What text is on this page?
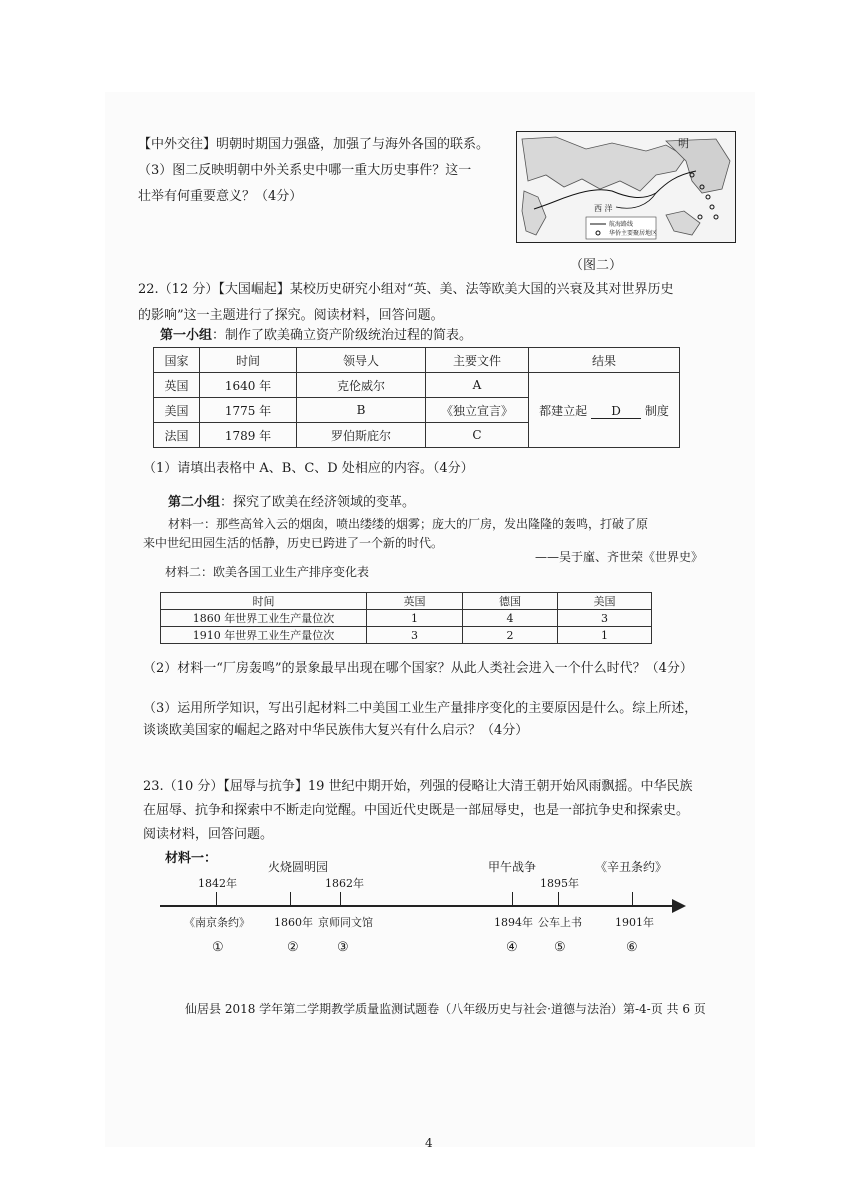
【中外交往】明朝时期国力强盛，加强了与海外各国的联系。
（3）图二反映明朝中外关系史中哪一重大历史事件？这一
壮举有何重要意义？（4分）
明
西 洋
航海路线
华侨主要聚居地区
（图二）
22.（12 分）【大国崛起】某校历史研究小组对“英、美、法等欧美大国的兴衰及其对世界历史
的影响”这一主题进行了探究。阅读材料，回答问题。
第一小组：制作了欧美确立资产阶级统治过程的简表。
国家	时间	领导人	主要文件	结果
英国	1640 年	克伦威尔	A	都建立起 D 制度
美国	1775 年	B	《独立宣言》	
法国	1789 年	罗伯斯庇尔	C	
（1）请填出表格中 A、B、C、D 处相应的内容。（4分）
第二小组：探究了欧美在经济领域的变革。
材料一：那些高耸入云的烟囱，喷出缕缕的烟雾；庞大的厂房，发出隆隆的轰鸣，打破了原
来中世纪田园生活的恬静，历史已跨进了一个新的时代。
——吴于廑、齐世荣《世界史》
材料二：欧美各国工业生产排序变化表
时间	英国	德国	美国
1860 年世界工业生产量位次	1	4	3
1910 年世界工业生产量位次	3	2	1
（2）材料一“厂房轰鸣”的景象最早出现在哪个国家？从此人类社会进入一个什么时代？（4分）
（3）运用所学知识，写出引起材料二中美国工业生产量排序变化的主要原因是什么。综上所述，
谈谈欧美国家的崛起之路对中华民族伟大复兴有什么启示？（4分）
23.（10 分）【屈辱与抗争】19 世纪中期开始，列强的侵略让大清王朝开始风雨飘摇。中华民族
在屈辱、抗争和探索中不断走向觉醒。中国近代史既是一部屈辱史，也是一部抗争史和探索史。
阅读材料，回答问题。
材料一：
火烧圆明园	甲午战争	《辛丑条约》
1842年	1862年	1895年
《南京条约》 1860年 京师同文馆	1894年 公车上书	1901年
①	②	③	④	⑤	⑥
仙居县 2018 学年第二学期教学质量监测试题卷（八年级历史与社会·道德与法治）第-4-页 共 6 页
4
